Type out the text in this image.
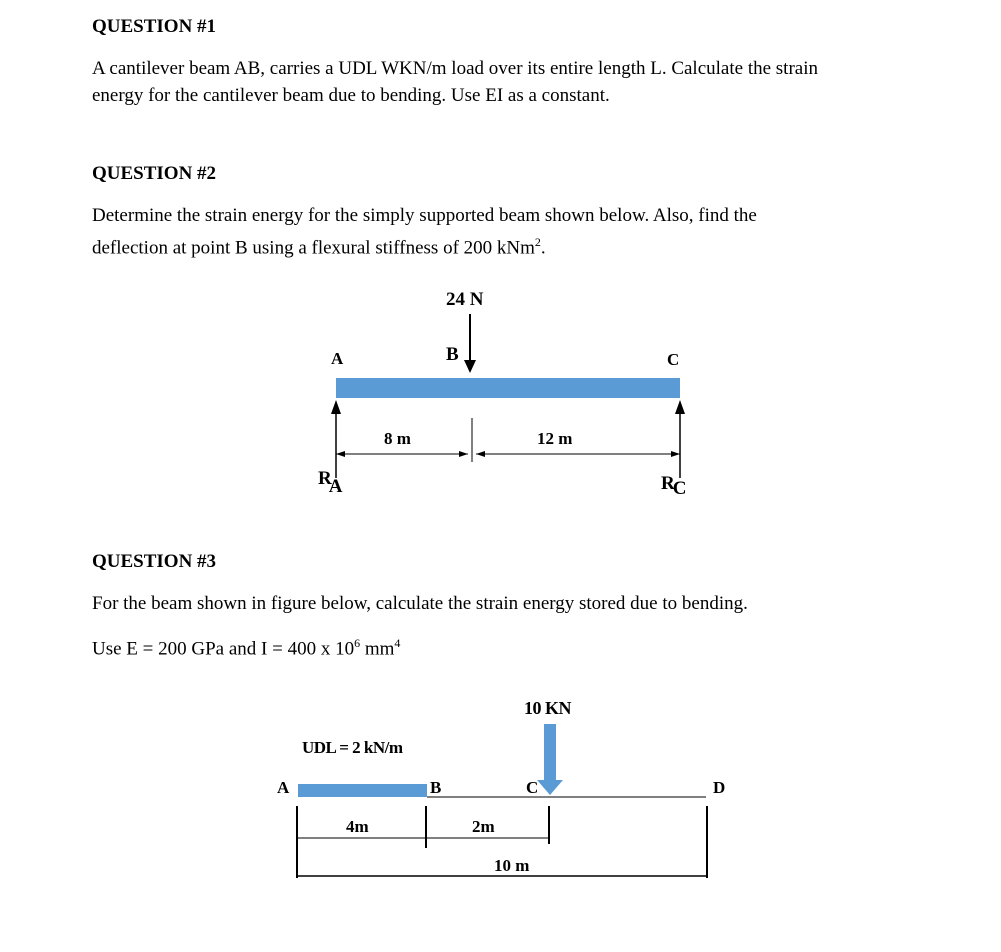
QUESTION #1
A cantilever beam AB, carries a UDL WKN/m load over its entire length L. Calculate the strain
energy for the cantilever beam due to bending. Use EI as a constant.
QUESTION #2
Determine the strain energy for the simply supported beam shown below. Also, find the
deflection at point B using a flexural stiffness of 200 kNm$^2$.
24 N
A	B	C
8 m	12 m
RA	RC
QUESTION #3
For the beam shown in figure below, calculate the strain energy stored due to bending.
Use E = 200 GPa and I = 400 x $10^6$ $mm^4$
10 KN
UDL = 2 kN/m
A	B	C	D
4m	2m
10 m
